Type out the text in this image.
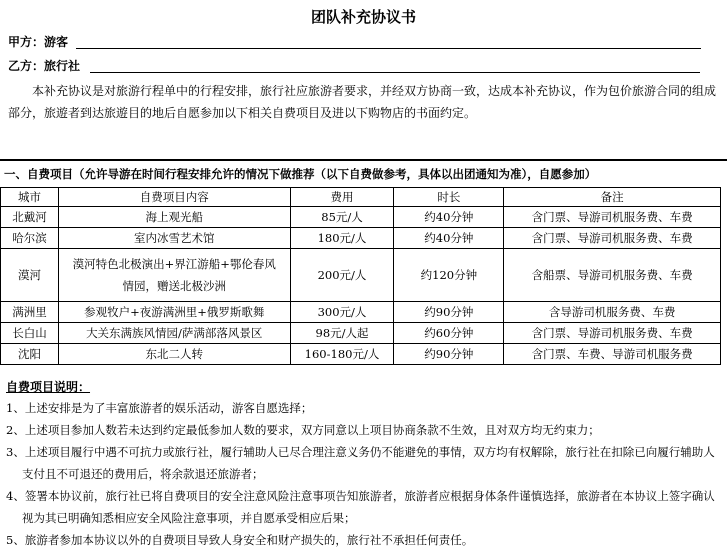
团队补充协议书
甲方：游客
乙方：旅行社
本补充协议是对旅游行程单中的行程安排，旅行社应旅游者要求，并经双方协商一致，达成本补充协议，作为包价旅游合同的组成部分，旅遊者到达旅遊目的地后自愿参加以下相关自费项目及进以下购物店的书面约定。
一、自费项目（允许导游在时间行程安排允许的情况下做推荐（以下自费做参考，具体以出团通知为准），自愿参加）
城市	自费项目内容	费用	时长	备注
北戴河	海上观光船	85元/人	约40分钟	含门票、导游司机服务费、车费
哈尔滨	室内冰雪艺术馆	180元/人	约40分钟	含门票、导游司机服务费、车费
漠河	漠河特色北极演出+界江游船+鄂伦春风情园，赠送北极沙洲	200元/人	约120分钟	含船票、导游司机服务费、车费
满洲里	参观牧户+夜游满洲里+俄罗斯歌舞	300元/人	约90分钟	含导游司机服务费、车费
长白山	大关东满族风情园/萨满部落风景区	98元/人起	约60分钟	含门票、导游司机服务费、车费
沈阳	东北二人转	160-180元/人	约90分钟	含门票、车费、导游司机服务费
自费项目说明：
1、上述安排是为了丰富旅游者的娱乐活动，游客自愿选择；
2、上述项目参加人数若未达到约定最低参加人数的要求，双方同意以上项目协商条款不生效，且对双方均无约束力；
3、上述项目履行中遇不可抗力或旅行社，履行辅助人已尽合理注意义务仍不能避免的事情，双方均有权解除，旅行社在扣除已向履行辅助人支付且不可退还的费用后，将余款退还旅游者；
4、签署本协议前，旅行社已将自费项目的安全注意风险注意事项告知旅游者，旅游者应根据身体条件谨慎选择，旅游者在本协议上签字确认视为其已明确知悉相应安全风险注意事项，并自愿承受相应后果；
5、旅游者参加本协议以外的自费项目导致人身安全和财产损失的，旅行社不承担任何责任。
